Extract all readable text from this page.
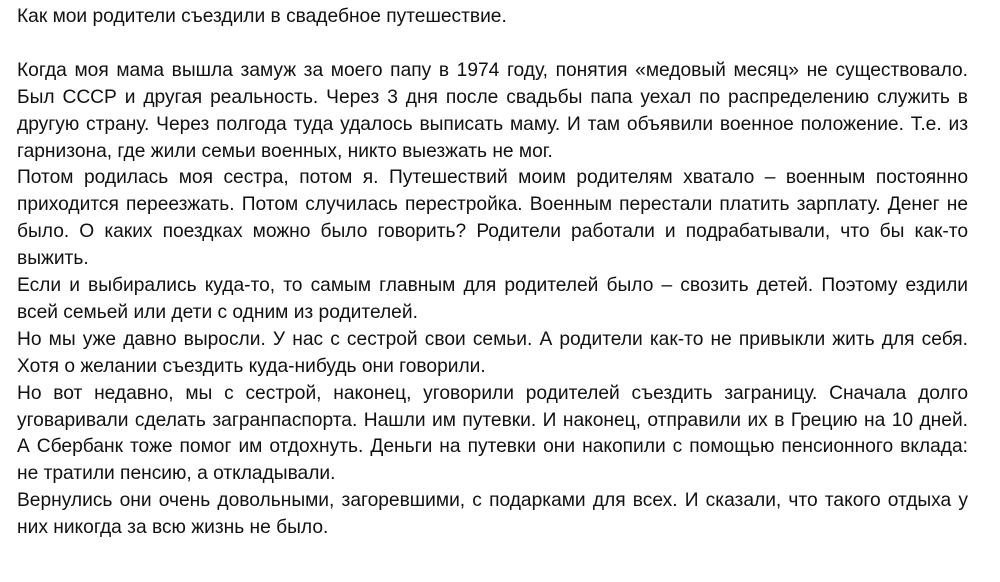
Как мои родители съездили в свадебное путешествие.

Когда моя мама вышла замуж за моего папу в 1974 году, понятия «медовый месяц» не существовало. Был СССР и другая реальность. Через 3 дня после свадьбы папа уехал по распределению служить в другую страну. Через полгода туда удалось выписать маму. И там объявили военное положение. Т.е. из гарнизона, где жили семьи военных, никто выезжать не мог.

Потом родилась моя сестра, потом я. Путешествий моим родителям хватало – военным постоянно приходится переезжать. Потом случилась перестройка. Военным перестали платить зарплату. Денег не было. О каких поездках можно было говорить? Родители работали и подрабатывали, что бы как-то выжить.

Если и выбирались куда-то, то самым главным для родителей было – свозить детей. Поэтому ездили всей семьей или дети с одним из родителей.

Но мы уже давно выросли. У нас с сестрой свои семьи. А родители как-то не привыкли жить для себя. Хотя о желании съездить куда-нибудь они говорили.

Но вот недавно, мы с сестрой, наконец, уговорили родителей съездить заграницу. Сначала долго уговаривали сделать загранпаспорта. Нашли им путевки. И наконец, отправили их в Грецию на 10 дней. А Сбербанк тоже помог им отдохнуть. Деньги на путевки они накопили с помощью пенсионного вклада: не тратили пенсию, а откладывали.

Вернулись они очень довольными, загоревшими, с подарками для всех. И сказали, что такого отдыха у них никогда за всю жизнь не было.
